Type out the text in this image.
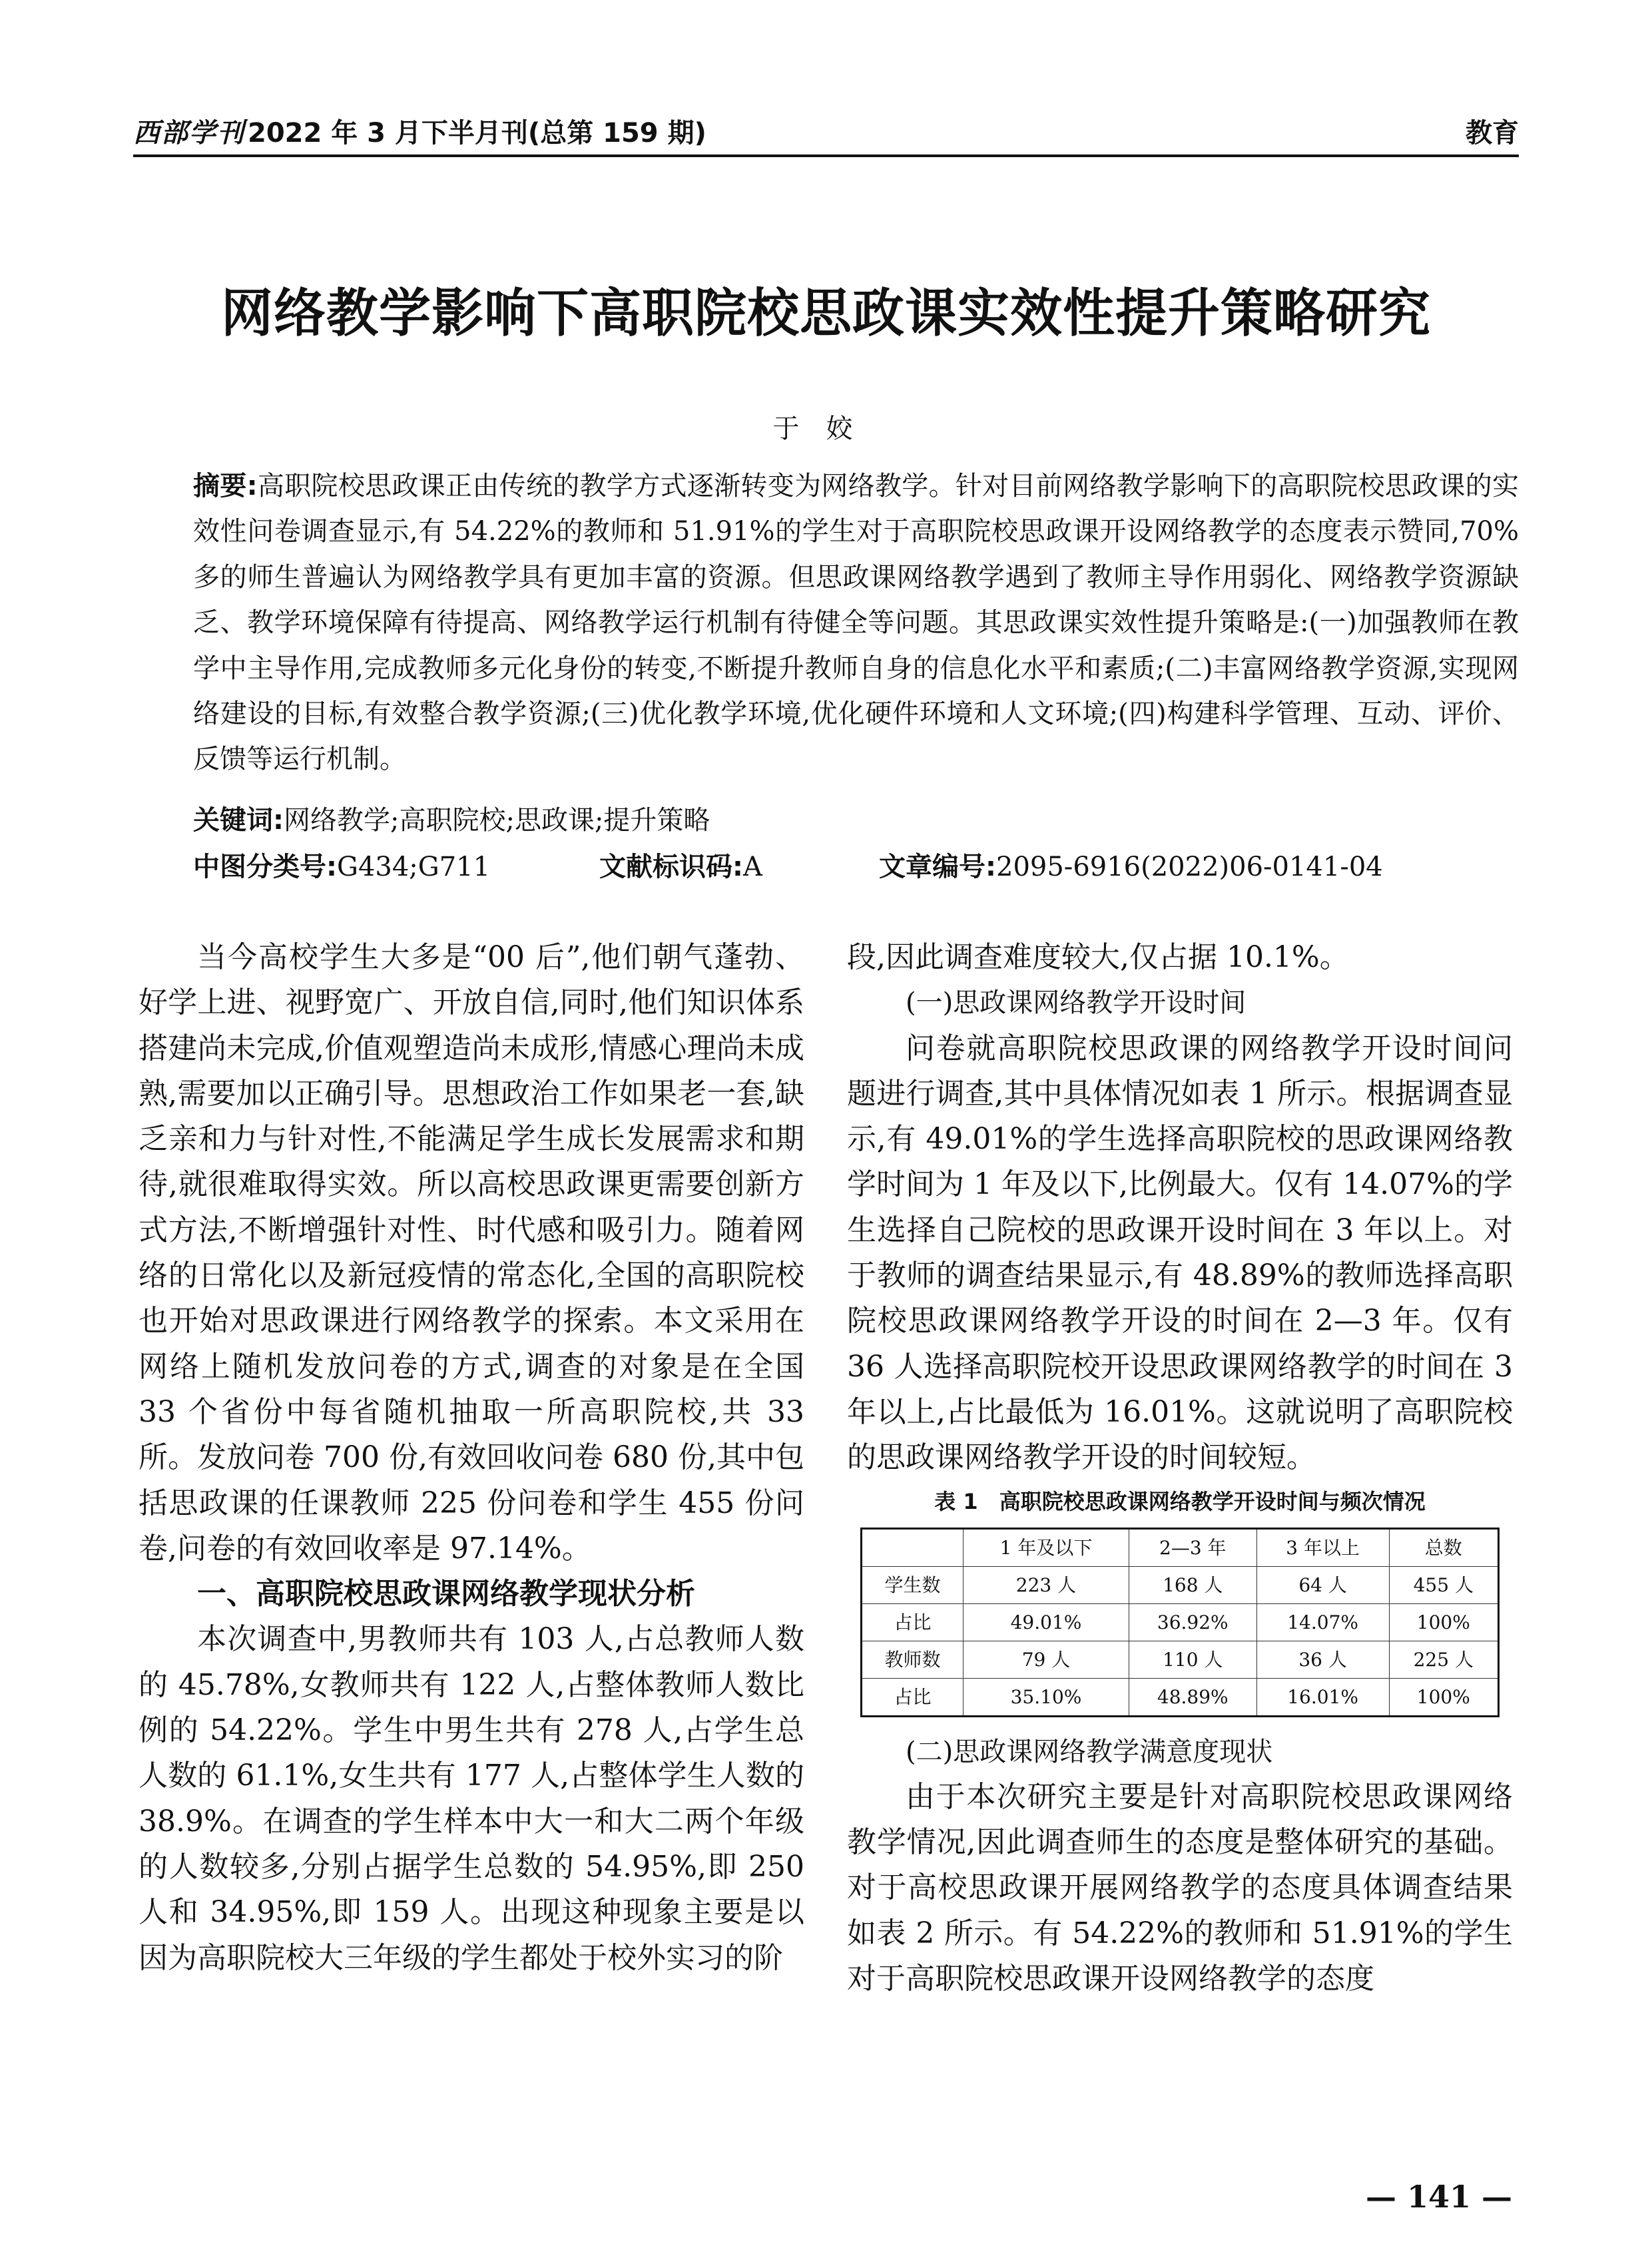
西部学刊 2022 年 3 月下半月刊(总第 159 期)	教育
网络教学影响下高职院校思政课实效性提升策略研究
于姣

摘要:高职院校思政课正由传统的教学方式逐渐转变为网络教学。针对目前网络教学影响下的高职院校思政课的实效性问卷调查显示,有 54.22%的教师和 51.91%的学生对于高职院校思政课开设网络教学的态度表示赞同,70%多的师生普遍认为网络教学具有更加丰富的资源。但思政课网络教学遇到了教师主导作用弱化、网络教学资源缺乏、教学环境保障有待提高、网络教学运行机制有待健全等问题。其思政课实效性提升策略是:(一)加强教师在教学中主导作用,完成教师多元化身份的转变,不断提升教师自身的信息化水平和素质;(二)丰富网络教学资源,实现网络建设的目标,有效整合教学资源;(三)优化教学环境,优化硬件环境和人文环境;(四)构建科学管理、互动、评价、反馈等运行机制。

关键词:网络教学;高职院校;思政课;提升策略
中图分类号:G434;G711	文献标识码:A	文章编号:2095-6916(2022)06-0141-04

当今高校学生大多是“00 后”,他们朝气蓬勃、好学上进、视野宽广、开放自信,同时,他们知识体系搭建尚未完成,价值观塑造尚未成形,情感心理尚未成熟,需要加以正确引导。思想政治工作如果老一套,缺乏亲和力与针对性,不能满足学生成长发展需求和期待,就很难取得实效。所以高校思政课更需要创新方式方法,不断增强针对性、时代感和吸引力。随着网络的日常化以及新冠疫情的常态化,全国的高职院校也开始对思政课进行网络教学的探索。本文采用在网络上随机发放问卷的方式,调查的对象是在全国 33 个省份中每省随机抽取一所高职院校,共 33 所。发放问卷 700 份,有效回收问卷 680 份,其中包括思政课的任课教师 225 份问卷和学生 455 份问卷,问卷的有效回收率是 97.14%。

一、高职院校思政课网络教学现状分析

本次调查中,男教师共有 103 人,占总教师人数的 45.78%,女教师共有 122 人,占整体教师人数比例的 54.22%。学生中男生共有 278 人,占学生总人数的 61.1%,女生共有 177 人,占整体学生人数的 38.9%。在调查的学生样本中大一和大二两个年级的人数较多,分别占据学生总数的 54.95%,即 250 人和 34.95%,即 159 人。出现这种现象主要是以因为高职院校大三年级的学生都处于校外实习的阶

段,因此调查难度较大,仅占据 10.1%。

(一)思政课网络教学开设时间

问卷就高职院校思政课的网络教学开设时间问题进行调查,其中具体情况如表 1 所示。根据调查显示,有 49.01%的学生选择高职院校的思政课网络教学时间为 1 年及以下,比例最大。仅有 14.07%的学生选择自己院校的思政课开设时间在 3 年以上。对于教师的调查结果显示,有 48.89%的教师选择高职院校思政课网络教学开设的时间在 2—3 年。仅有 36 人选择高职院校开设思政课网络教学的时间在 3 年以上,占比最低为 16.01%。这就说明了高职院校的思政课网络教学开设的时间较短。

表 1　高职院校思政课网络教学开设时间与频次情况
	1 年及以下	2—3 年	3 年以上	总数
学生数	223 人	168 人	64 人	455 人
占比	49.01%	36.92%	14.07%	100%
教师数	79 人	110 人	36 人	225 人
占比	35.10%	48.89%	16.01%	100%
(二)思政课网络教学满意度现状

由于本次研究主要是针对高职院校思政课网络教学情况,因此调查师生的态度是整体研究的基础。对于高校思政课开展网络教学的态度具体调查结果如表 2 所示。有 54.22%的教师和 51.91%的学生对于高职院校思政课开设网络教学的态度

— 141 —
